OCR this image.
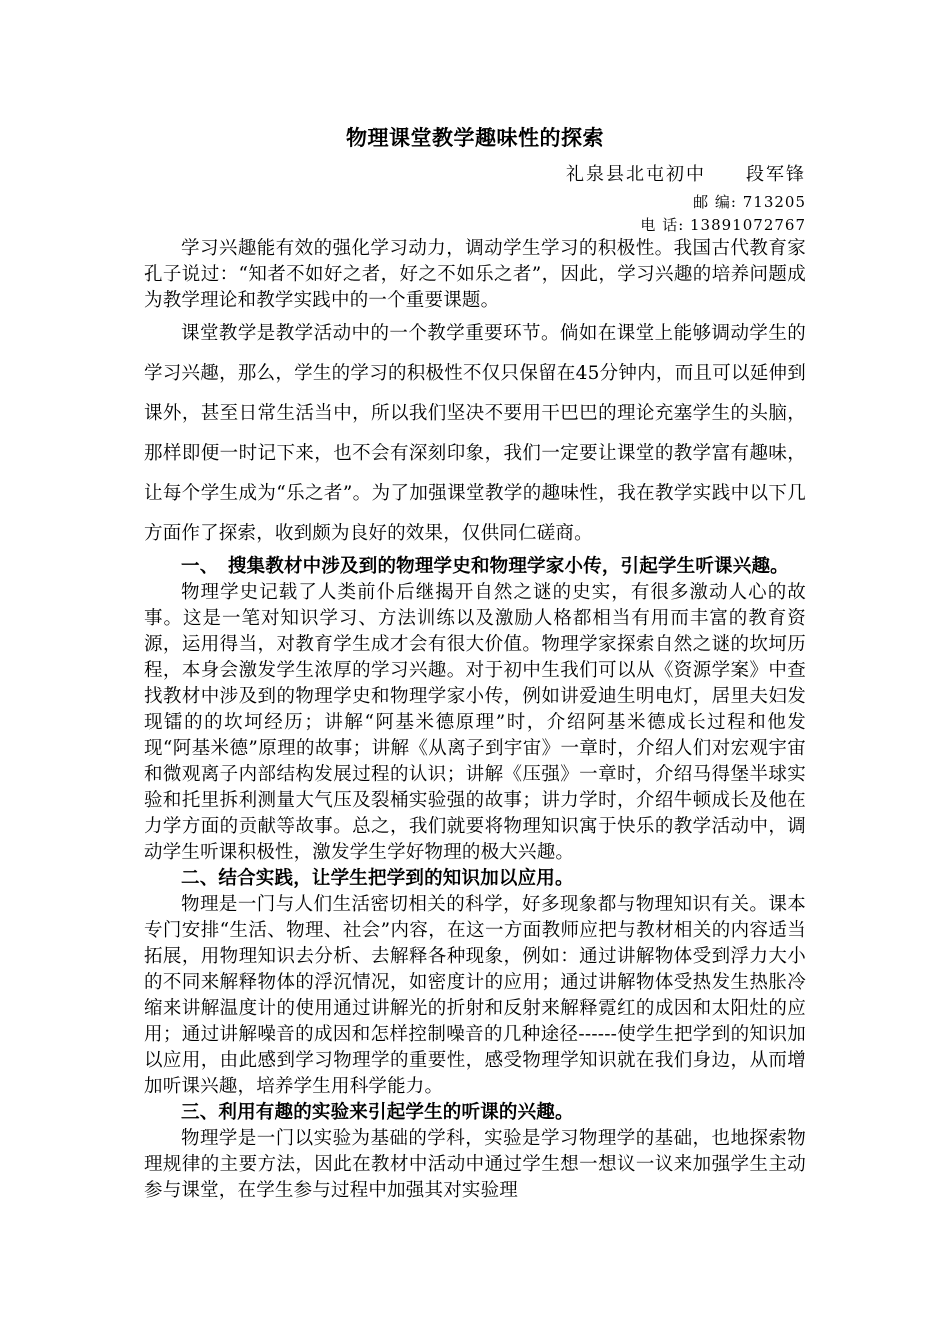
物理课堂教学趣味性的探索
礼泉县北屯初中　　段军锋
邮 编: 713205
电 话: 13891072767

学习兴趣能有效的强化学习动力，调动学生学习的积极性。我国古代教育家孔子说过：“知者不如好之者，好之不如乐之者”，因此，学习兴趣的培养问题成为教学理论和教学实践中的一个重要课题。

课堂教学是教学活动中的一个教学重要环节。倘如在课堂上能够调动学生的学习兴趣，那么，学生的学习的积极性不仅只保留在45分钟内，而且可以延伸到课外，甚至日常生活当中，所以我们坚决不要用干巴巴的理论充塞学生的头脑，那样即便一时记下来，也不会有深刻印象，我们一定要让课堂的教学富有趣味，让每个学生成为“乐之者”。为了加强课堂教学的趣味性，我在教学实践中以下几方面作了探索，收到颇为良好的效果，仅供同仁磋商。

一、　搜集教材中涉及到的物理学史和物理学家小传，引起学生听课兴趣。

物理学史记载了人类前仆后继揭开自然之谜的史实，有很多激动人心的故事。这是一笔对知识学习、方法训练以及激励人格都相当有用而丰富的教育资源，运用得当，对教育学生成才会有很大价值。物理学家探索自然之谜的坎坷历程，本身会激发学生浓厚的学习兴趣。对于初中生我们可以从《资源学案》中查找教材中涉及到的物理学史和物理学家小传，例如讲爱迪生明电灯，居里夫妇发现镭的的坎坷经历；讲解“阿基米德原理”时，介绍阿基米德成长过程和他发现“阿基米德”原理的故事；讲解《从离子到宇宙》一章时，介绍人们对宏观宇宙和微观离子内部结构发展过程的认识；讲解《压强》一章时，介绍马得堡半球实验和托里拆利测量大气压及裂桶实验强的故事；讲力学时，介绍牛顿成长及他在力学方面的贡献等故事。总之，我们就要将物理知识寓于快乐的教学活动中，调动学生听课积极性，激发学生学好物理的极大兴趣。

二、结合实践，让学生把学到的知识加以应用。

物理是一门与人们生活密切相关的科学，好多现象都与物理知识有关。课本专门安排“生活、物理、社会”内容，在这一方面教师应把与教材相关的内容适当拓展，用物理知识去分析、去解释各种现象，例如：通过讲解物体受到浮力大小的不同来解释物体的浮沉情况，如密度计的应用；通过讲解物体受热发生热胀冷缩来讲解温度计的使用通过讲解光的折射和反射来解释霓红的成因和太阳灶的应用；通过讲解噪音的成因和怎样控制噪音的几种途径------使学生把学到的知识加以应用，由此感到学习物理学的重要性，感受物理学知识就在我们身边，从而增加听课兴趣，培养学生用科学能力。

三、利用有趣的实验来引起学生的听课的兴趣。

物理学是一门以实验为基础的学科，实验是学习物理学的基础，也地探索物理规律的主要方法，因此在教材中活动中通过学生想一想议一议来加强学生主动参与课堂，在学生参与过程中加强其对实验理
